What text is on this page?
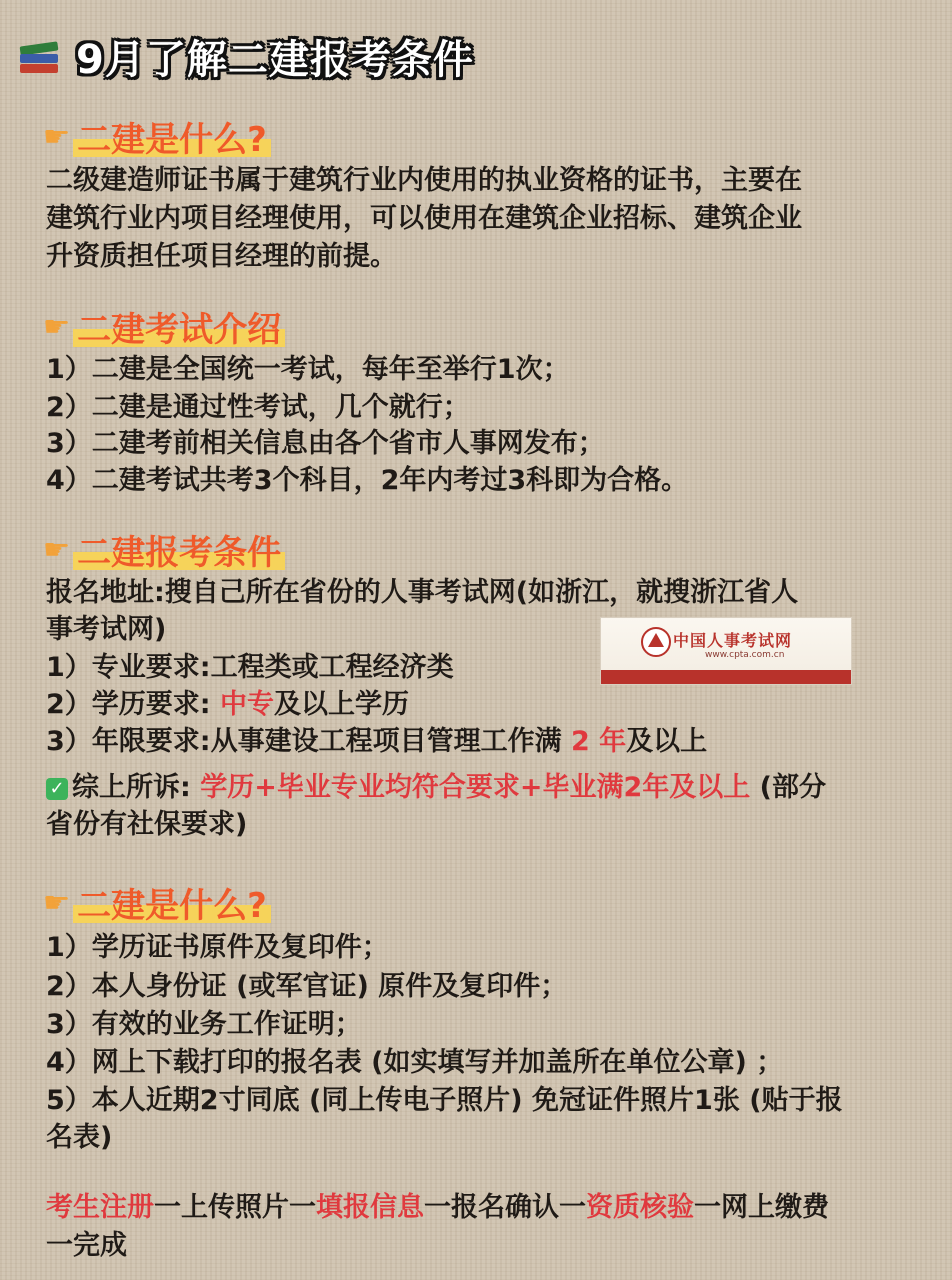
9月了解二建报考条件
☛ 二建是什么?
二级建造师证书属于建筑行业内使用的执业资格的证书，主要在
建筑行业内项目经理使用，可以使用在建筑企业招标、建筑企业
升资质担任项目经理的前提。
☛ 二建考试介绍
1）二建是全国统一考试，每年至举行1次；
2）二建是通过性考试，几个就行；
3）二建考前相关信息由各个省市人事网发布；
4）二建考试共考3个科目，2年内考过3科即为合格。
☛ 二建报考条件
报名地址:搜自己所在省份的人事考试网(如浙江，就搜浙江省人
事考试网)	中国人事考试网
www.cpta.com.cn
1）专业要求:工程类或工程经济类
2）学历要求: 中专及以上学历
3）年限要求:从事建设工程项目管理工作满 2 年及以上
✓ 综上所诉: 学历+毕业专业均符合要求+毕业满2年及以上 (部分
省份有社保要求)
☛ 二建是什么?
1）学历证书原件及复印件；
2）本人身份证 (或军官证) 原件及复印件；
3）有效的业务工作证明；
4）网上下载打印的报名表 (如实填写并加盖所在单位公章) ；
5）本人近期2寸同底 (同上传电子照片) 免冠证件照片1张 (贴于报
名表)
考生注册一上传照片一填报信息一报名确认一资质核验一网上缴费
一完成
